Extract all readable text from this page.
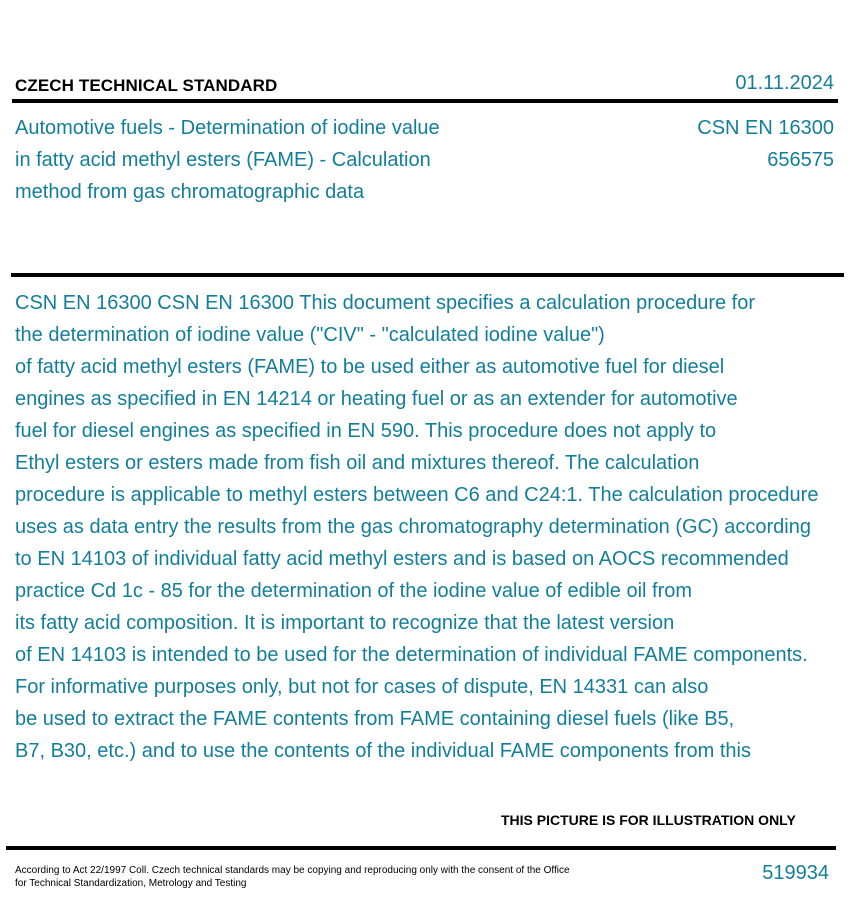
CZECH TECHNICAL STANDARD	01.11.2024
Automotive fuels - Determination of iodine value
in fatty acid methyl esters (FAME) - Calculation
method from gas chromatographic data
CSN EN 16300
656575
CSN EN 16300 CSN EN 16300 This document specifies a calculation procedure for
the determination of iodine value ("CIV" - "calculated iodine value")
of fatty acid methyl esters (FAME) to be used either as automotive fuel for diesel
engines as specified in EN 14214 or heating fuel or as an extender for automotive
fuel for diesel engines as specified in EN 590. This procedure does not apply to
Ethyl esters or esters made from fish oil and mixtures thereof. The calculation
procedure is applicable to methyl esters between C6 and C24:1. The calculation procedure
uses as data entry the results from the gas chromatography determination (GC) according
to EN 14103 of individual fatty acid methyl esters and is based on AOCS recommended
practice Cd 1c - 85 for the determination of the iodine value of edible oil from
its fatty acid composition. It is important to recognize that the latest version
of EN 14103 is intended to be used for the determination of individual FAME components.
For informative purposes only, but not for cases of dispute, EN 14331 can also
be used to extract the FAME contents from FAME containing diesel fuels (like B5,
B7, B30, etc.) and to use the contents of the individual FAME components from this
THIS PICTURE IS FOR ILLUSTRATION ONLY
According to Act 22/1997 Coll. Czech technical standards may be copying and reproducing only with the consent of the Office
for Technical Standardization, Metrology and Testing	519934
